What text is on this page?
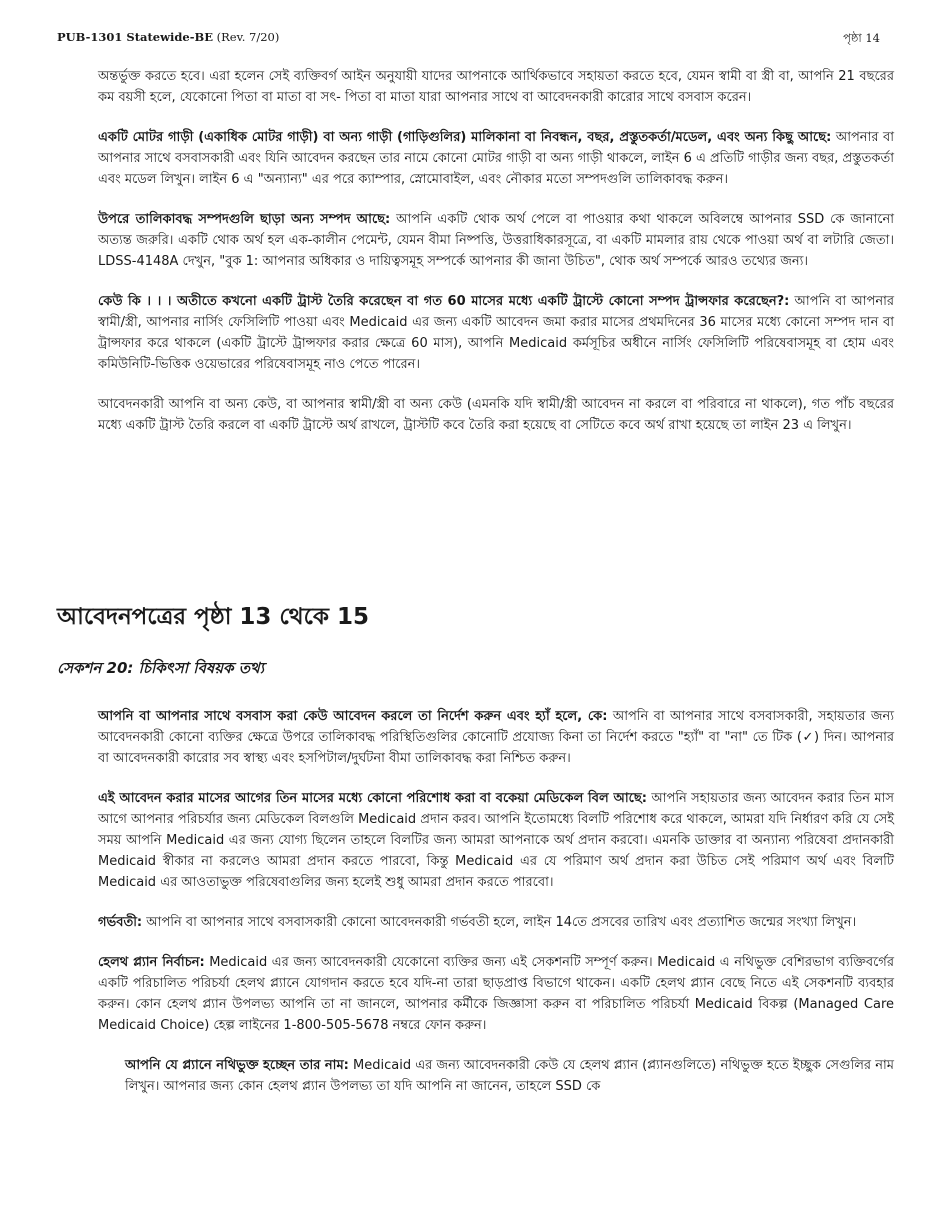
PUB-1301 Statewide-BE (Rev. 7/20)	পৃষ্ঠা 14

অন্তর্ভুক্ত করতে হবে। এরা হলেন সেই ব্যক্তিবর্গ আইন অনুযায়ী যাদের আপনাকে আর্থিকভাবে সহায়তা করতে হবে, যেমন স্বামী বা স্ত্রী বা, আপনি 21 বছরের কম বয়সী হলে, যেকোনো পিতা বা মাতা বা সৎ- পিতা বা মাতা যারা আপনার সাথে বা আবেদনকারী কারোর সাথে বসবাস করেন।

একটি মোটর গাড়ী (একাধিক মোটর গাড়ী) বা অন্য গাড়ী (গাড়িগুলির) মালিকানা বা নিবন্ধন, বছর, প্রস্তুতকর্তা/মডেল, এবং অন্য কিছু আছে: আপনার বা আপনার সাথে বসবাসকারী এবং যিনি আবেদন করছেন তার নামে কোনো মোটর গাড়ী বা অন্য গাড়ী থাকলে, লাইন 6 এ প্রতিটি গাড়ীর জন্য বছর, প্রস্তুতকর্তা এবং মডেল লিখুন। লাইন 6 এ "অন্যান্য" এর পরে ক্যাম্পার, স্নোমোবাইল, এবং নৌকার মতো সম্পদগুলি তালিকাবদ্ধ করুন।

উপরে তালিকাবদ্ধ সম্পদগুলি ছাড়া অন্য সম্পদ আছে: আপনি একটি থোক অর্থ পেলে বা পাওয়ার কথা থাকলে অবিলম্বে আপনার SSD কে জানানো অত্যন্ত জরুরি। একটি থোক অর্থ হল এক-কালীন পেমেন্ট, যেমন বীমা নিষ্পত্তি, উত্তরাধিকারসূত্রে, বা একটি মামলার রায় থেকে পাওয়া অর্থ বা লটারি জেতা। LDSS-4148A দেখুন, "বুক 1: আপনার অধিকার ও দায়িত্বসমূহ সম্পর্কে আপনার কী জানা উচিত", থোক অর্থ সম্পর্কে আরও তথ্যের জন্য।

কেউ কি । । । অতীতে কখনো একটি ট্রাস্ট তৈরি করেছেন বা গত 60 মাসের মধ্যে একটি ট্রাস্টে কোনো সম্পদ ট্রান্সফার করেছেন?: আপনি বা আপনার স্বামী/স্ত্রী, আপনার নার্সিং ফেসিলিটি পাওয়া এবং Medicaid এর জন্য একটি আবেদন জমা করার মাসের প্রথমদিনের 36 মাসের মধ্যে কোনো সম্পদ দান বা ট্রান্সফার করে থাকলে (একটি ট্রাস্টে ট্রান্সফার করার ক্ষেত্রে 60 মাস), আপনি Medicaid কর্মসূচির অধীনে নার্সিং ফেসিলিটি পরিষেবাসমূহ বা হোম এবং কমিউনিটি-ভিত্তিক ওয়েভারের পরিষেবাসমূহ নাও পেতে পারেন।

আবেদনকারী আপনি বা অন্য কেউ, বা আপনার স্বামী/স্ত্রী বা অন্য কেউ (এমনকি যদি স্বামী/স্ত্রী আবেদন না করলে বা পরিবারে না থাকলে), গত পাঁচ বছরের মধ্যে একটি ট্রাস্ট তৈরি করলে বা একটি ট্রাস্টে অর্থ রাখলে, ট্রাস্টটি কবে তৈরি করা হয়েছে বা সেটিতে কবে অর্থ রাখা হয়েছে তা লাইন 23 এ লিখুন।

আবেদনপত্রের পৃষ্ঠা 13 থেকে 15
সেকশন 20: চিকিৎসা বিষয়ক তথ্য

আপনি বা আপনার সাথে বসবাস করা কেউ আবেদন করলে তা নির্দেশ করুন এবং হ্যাঁ হলে, কে: আপনি বা আপনার সাথে বসবাসকারী, সহায়তার জন্য আবেদনকারী কোনো ব্যক্তির ক্ষেত্রে উপরে তালিকাবদ্ধ পরিস্থিতিগুলির কোনোটি প্রযোজ্য কিনা তা নির্দেশ করতে "হ্যাঁ" বা "না" তে টিক (✓) দিন। আপনার বা আবেদনকারী কারোর সব স্বাস্থ্য এবং হসপিটাল/দুর্ঘটনা বীমা তালিকাবদ্ধ করা নিশ্চিত করুন।

এই আবেদন করার মাসের আগের তিন মাসের মধ্যে কোনো পরিশোধ করা বা বকেয়া মেডিকেল বিল আছে: আপনি সহায়তার জন্য আবেদন করার তিন মাস আগে আপনার পরিচর্যার জন্য মেডিকেল বিলগুলি Medicaid প্রদান করব। আপনি ইতোমধ্যে বিলটি পরিশোধ করে থাকলে, আমরা যদি নির্ধারণ করি যে সেই সময় আপনি Medicaid এর জন্য যোগ্য ছিলেন তাহলে বিলটির জন্য আমরা আপনাকে অর্থ প্রদান করবো। এমনকি ডাক্তার বা অন্যান্য পরিষেবা প্রদানকারী Medicaid স্বীকার না করলেও আমরা প্রদান করতে পারবো, কিন্তু Medicaid এর যে পরিমাণ অর্থ প্রদান করা উচিত সেই পরিমাণ অর্থ এবং বিলটি Medicaid এর আওতাভুক্ত পরিষেবাগুলির জন্য হলেই শুধু আমরা প্রদান করতে পারবো।

গর্ভবতী: আপনি বা আপনার সাথে বসবাসকারী কোনো আবেদনকারী গর্ভবতী হলে, লাইন 14তে প্রসবের তারিখ এবং প্রত্যাশিত জন্মের সংখ্যা লিখুন।

হেলথ প্ল্যান নির্বাচন: Medicaid এর জন্য আবেদনকারী যেকোনো ব্যক্তির জন্য এই সেকশনটি সম্পূর্ণ করুন। Medicaid এ নথিভুক্ত বেশিরভাগ ব্যক্তিবর্গের একটি পরিচালিত পরিচর্যা হেলথ প্ল্যানে যোগদান করতে হবে যদি-না তারা ছাড়প্রাপ্ত বিভাগে থাকেন। একটি হেলথ প্ল্যান বেছে নিতে এই সেকশনটি ব্যবহার করুন। কোন হেলথ প্ল্যান উপলভ্য আপনি তা না জানলে, আপনার কর্মীকে জিজ্ঞাসা করুন বা পরিচালিত পরিচর্যা Medicaid বিকল্প (Managed Care Medicaid Choice) হেল্প লাইনের 1-800-505-5678 নম্বরে ফোন করুন।

আপনি যে প্ল্যানে নথিভুক্ত হচ্ছেন তার নাম: Medicaid এর জন্য আবেদনকারী কেউ যে হেলথ প্ল্যান (প্ল্যানগুলিতে) নথিভুক্ত হতে ইচ্ছুক সেগুলির নাম লিখুন। আপনার জন্য কোন হেলথ প্ল্যান উপলভ্য তা যদি আপনি না জানেন, তাহলে SSD কে
